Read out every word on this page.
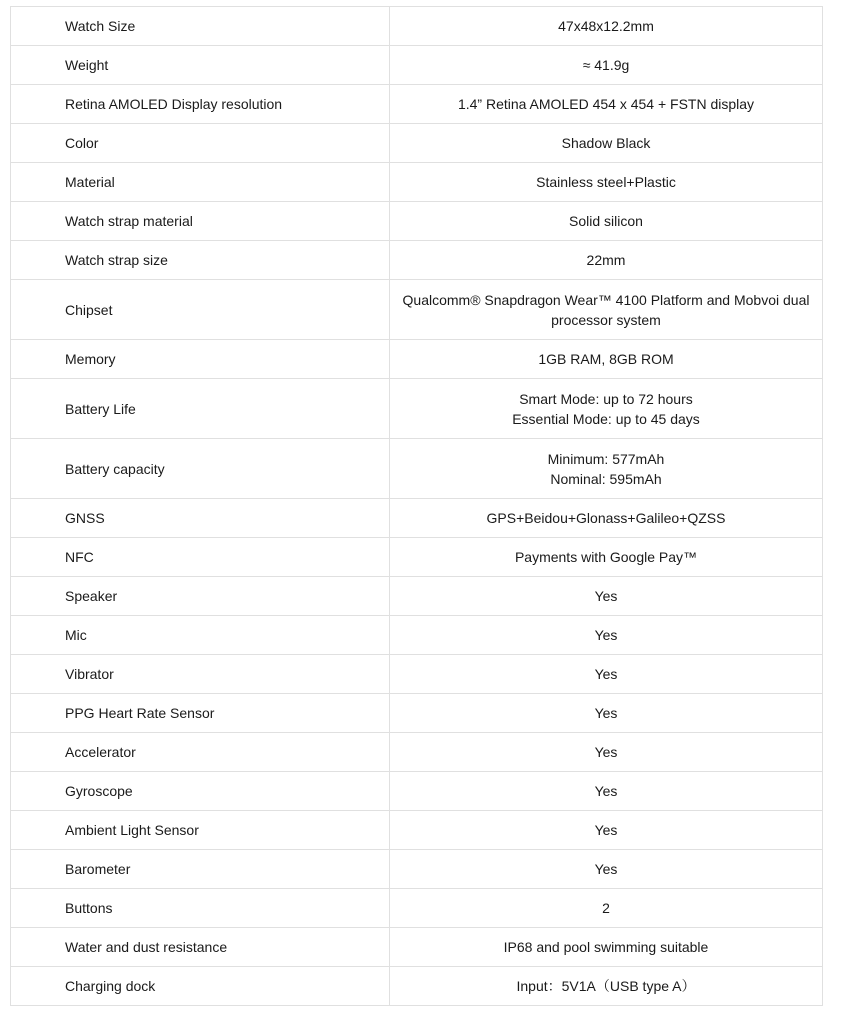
Watch Size	47x48x12.2mm

Weight	≈ 41.9g

Retina AMOLED Display resolution	1.4” Retina AMOLED 454 x 454 + FSTN display

Color	Shadow Black

Material	Stainless steel+Plastic

Watch strap material	Solid silicon

Watch strap size	22mm

Chipset	Qualcomm® Snapdragon Wear™ 4100 Platform and Mobvoi dual
processor system

Memory	1GB RAM, 8GB ROM

Battery Life	Smart Mode: up to 72 hours
Essential Mode: up to 45 days

Battery capacity	Minimum: 577mAh
Nominal: 595mAh

GNSS	GPS+Beidou+Glonass+Galileo+QZSS

NFC	Payments with Google Pay™

Speaker	Yes

Mic	Yes

Vibrator	Yes

PPG Heart Rate Sensor	Yes

Accelerator	Yes

Gyroscope	Yes

Ambient Light Sensor	Yes

Barometer	Yes

Buttons	2

Water and dust resistance	IP68 and pool swimming suitable

Charging dock	Input：5V1A（USB type A）
